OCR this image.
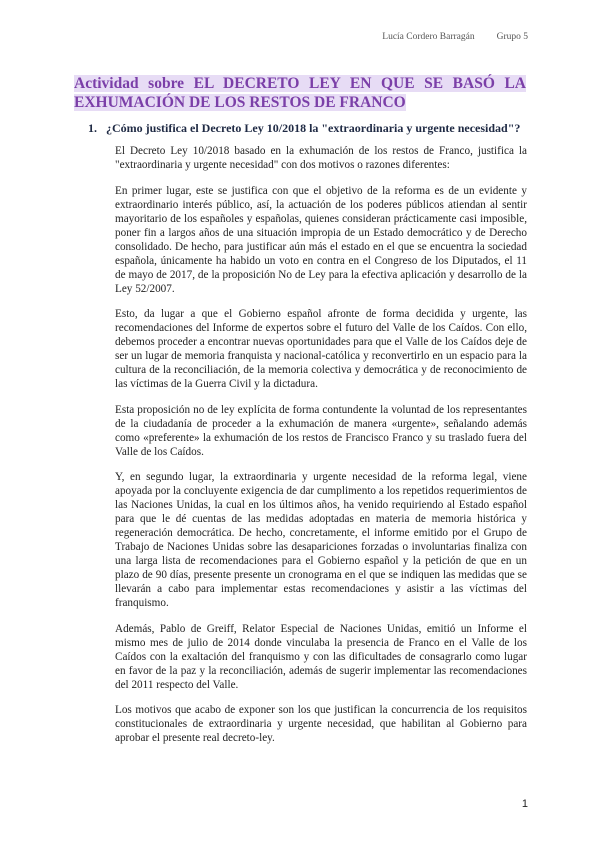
Lucía Cordero Barragán Grupo 5
Actividad sobre EL DECRETO LEY EN QUE SE BASÓ LA EXHUMACIÓN DE LOS RESTOS DE FRANCO
1. ¿Cómo justifica el Decreto Ley 10/2018 la "extraordinaria y urgente necesidad"?

El Decreto Ley 10/2018 basado en la exhumación de los restos de Franco, justifica la "extraordinaria y urgente necesidad" con dos motivos o razones diferentes:

En primer lugar, este se justifica con que el objetivo de la reforma es de un evidente y extraordinario interés público, así, la actuación de los poderes públicos atiendan al sentir mayoritario de los españoles y españolas, quienes consideran prácticamente casi imposible, poner fin a largos años de una situación impropia de un Estado democrático y de Derecho consolidado. De hecho, para justificar aún más el estado en el que se encuentra la sociedad española, únicamente ha habido un voto en contra en el Congreso de los Diputados, el 11 de mayo de 2017, de la proposición No de Ley para la efectiva aplicación y desarrollo de la Ley 52/2007.

Esto, da lugar a que el Gobierno español afronte de forma decidida y urgente, las recomendaciones del Informe de expertos sobre el futuro del Valle de los Caídos. Con ello, debemos proceder a encontrar nuevas oportunidades para que el Valle de los Caídos deje de ser un lugar de memoria franquista y nacional-católica y reconvertirlo en un espacio para la cultura de la reconciliación, de la memoria colectiva y democrática y de reconocimiento de las víctimas de la Guerra Civil y la dictadura.

Esta proposición no de ley explícita de forma contundente la voluntad de los representantes de la ciudadanía de proceder a la exhumación de manera «urgente», señalando además como «preferente» la exhumación de los restos de Francisco Franco y su traslado fuera del Valle de los Caídos.

Y, en segundo lugar, la extraordinaria y urgente necesidad de la reforma legal, viene apoyada por la concluyente exigencia de dar cumplimento a los repetidos requerimientos de las Naciones Unidas, la cual en los últimos años, ha venido requiriendo al Estado español para que le dé cuentas de las medidas adoptadas en materia de memoria histórica y regeneración democrática. De hecho, concretamente, el informe emitido por el Grupo de Trabajo de Naciones Unidas sobre las desapariciones forzadas o involuntarias finaliza con una larga lista de recomendaciones para el Gobierno español y la petición de que en un plazo de 90 días, presente presente un cronograma en el que se indiquen las medidas que se llevarán a cabo para implementar estas recomendaciones y asistir a las víctimas del franquismo.

Además, Pablo de Greiff, Relator Especial de Naciones Unidas, emitió un Informe el mismo mes de julio de 2014 donde vinculaba la presencia de Franco en el Valle de los Caídos con la exaltación del franquismo y con las dificultades de consagrarlo como lugar en favor de la paz y la reconciliación, además de sugerir implementar las recomendaciones del 2011 respecto del Valle.

Los motivos que acabo de exponer son los que justifican la concurrencia de los requisitos constitucionales de extraordinaria y urgente necesidad, que habilitan al Gobierno para aprobar el presente real decreto-ley.

1
